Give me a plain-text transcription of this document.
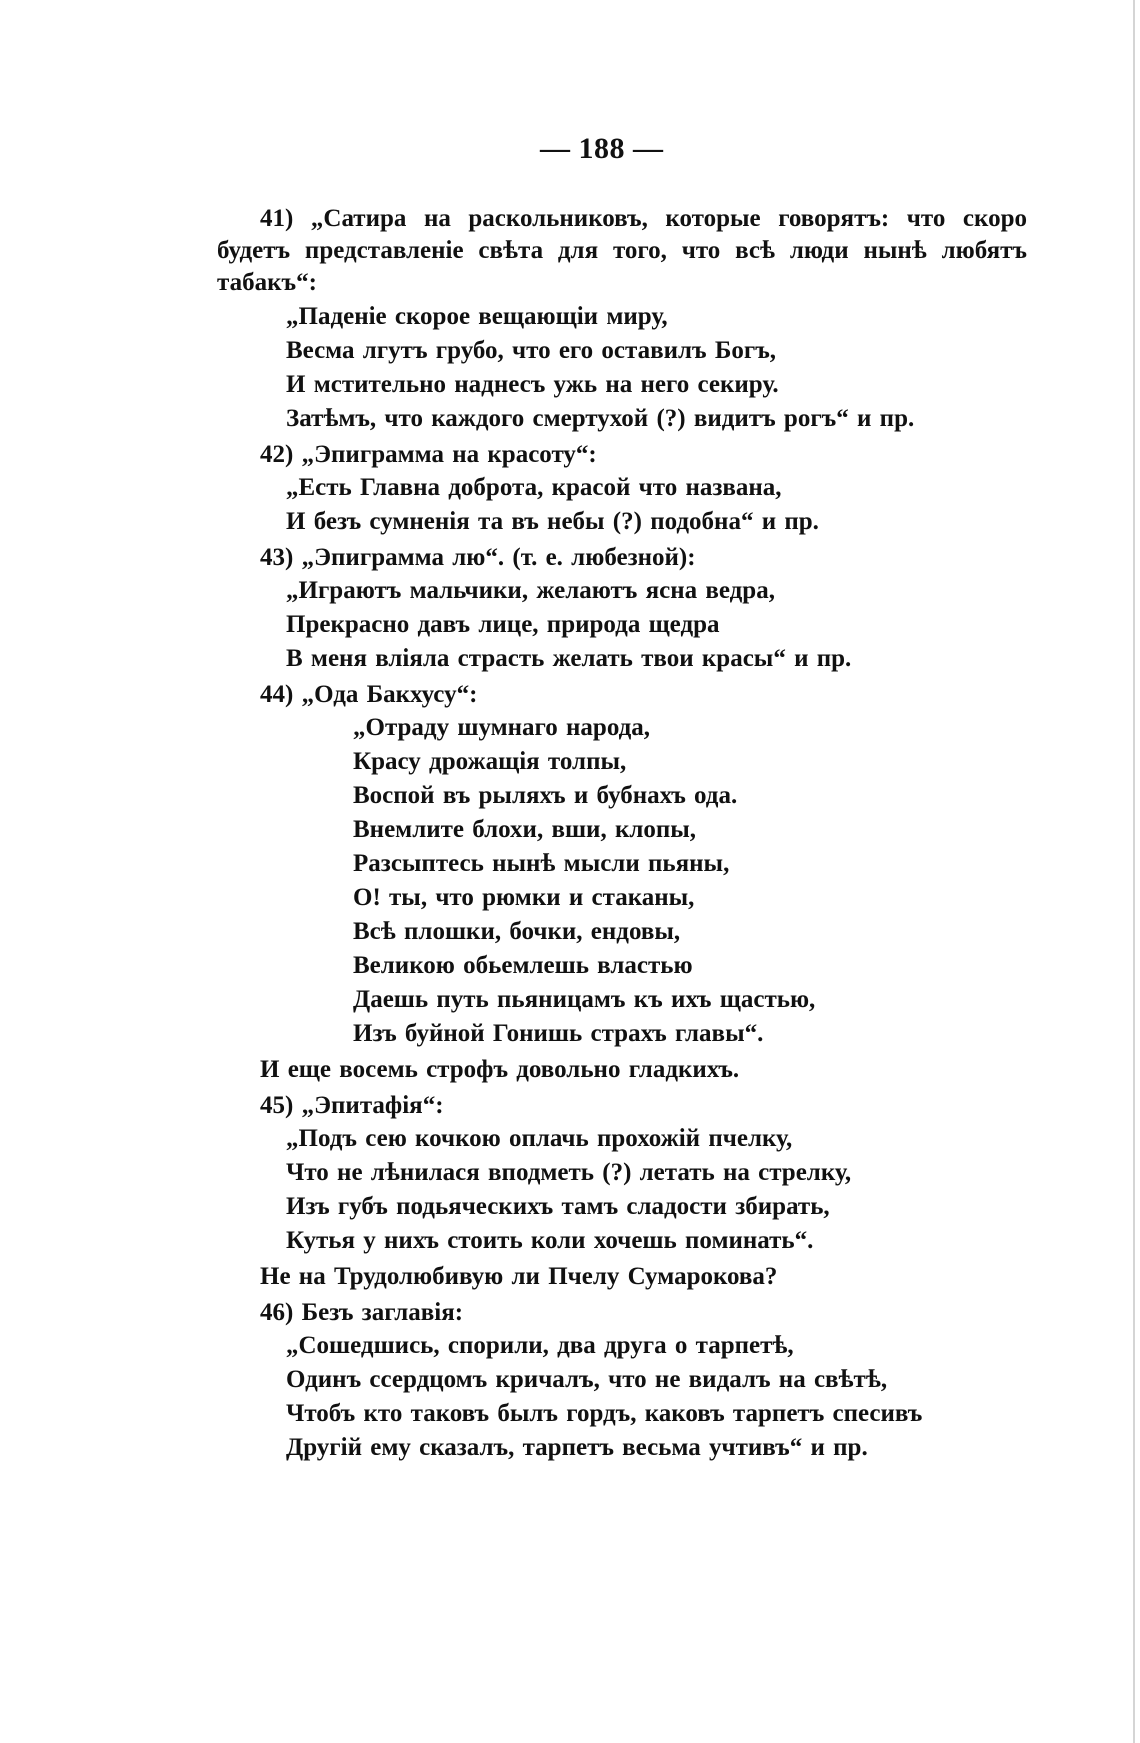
— 188 —
41) „Сатира на раскольниковъ, которые говорятъ: что скоро
будетъ представленіе свѣта для того, что всѣ люди нынѣ любятъ
табакъ“:
„Паденіе скорое вещающіи миру,
Весма лгутъ грубо, что его оставилъ Богъ,
И мстительно наднесъ ужь на него секиру.
Затѣмъ, что каждого смертухой (?) видитъ рогъ“ и пр.
42) „Эпиграмма на красоту“:
„Есть Главна доброта, красой что названа,
И безъ сумненія та въ небы (?) подобна“ и пр.
43) „Эпиграмма лю“. (т. е. любезной):
„Играютъ мальчики, желаютъ ясна ведра,
Прекрасно давъ лице, природа щедра
В меня вліяла страсть желать твои красы“ и пр.
44) „Ода Бакхусу“:
„Отраду шумнаго народа,
Красу дрожащія толпы,
Воспой въ рыляхъ и бубнахъ ода.
Внемлите блохи, вши, клопы,
Разсыптесь нынѣ мысли пьяны,
О! ты, что рюмки и стаканы,
Всѣ плошки, бочки, ендовы,
Великою обьемлешь властью
Даешь путь пьяницамъ къ ихъ щастью,
Изъ буйной Гонишь страхъ главы“.
И еще восемь строфъ довольно гладкихъ.
45) „Эпитафія“:
„Подъ сею кочкою оплачь прохожій пчелку,
Что не лѣнилася вподметь (?) летать на стрелку,
Изъ губъ подьяческихъ тамъ сладости збирать,
Кутья у нихъ стоить коли хочешь поминать“.
Не на Трудолюбивую ли Пчелу Сумарокова?
46) Безъ заглавія:
„Сошедшись, спорили, два друга о тарпетѣ,
Одинъ ссердцомъ кричалъ, что не видалъ на свѣтѣ,
Чтобъ кто таковъ былъ гордъ, каковъ тарпетъ спесивъ
Другій ему сказалъ, тарпетъ весьма учтивъ“ и пр.
